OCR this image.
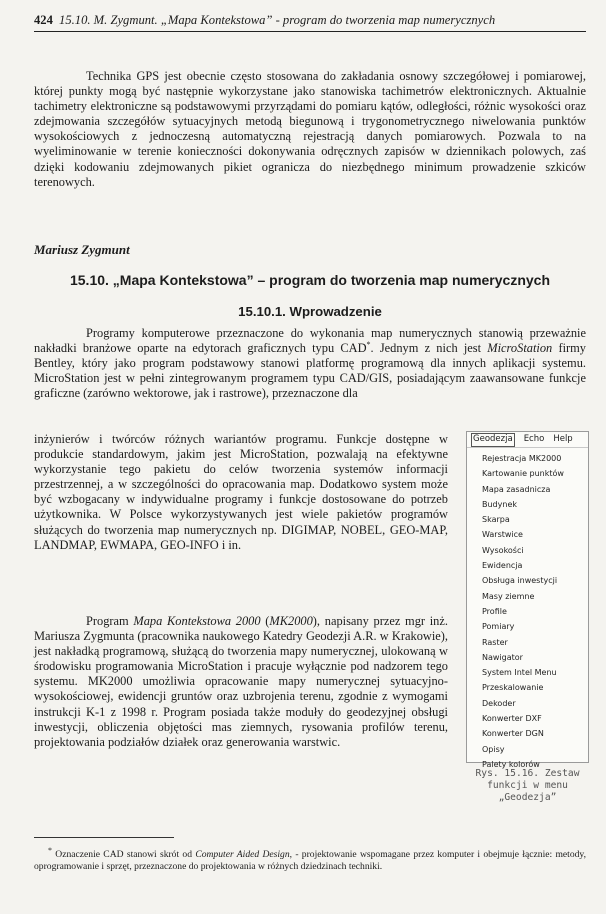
424 15.10. M. Zygmunt. „Mapa Kontekstowa” - program do tworzenia map numerycznych

Technika GPS jest obecnie często stosowana do zakładania osnowy szczegółowej i pomiarowej, której punkty mogą być następnie wykorzystane jako stanowiska tachimetrów elektronicznych. Aktualnie tachimetry elektroniczne są podstawowymi przyrządami do pomiaru kątów, odległości, różnic wysokości oraz zdejmowania szczegółów sytuacyjnych metodą biegunową i trygonometrycznego niwelowania punktów wysokościowych z jednoczesną automatyczną rejestracją danych pomiarowych. Pozwala to na wyeliminowanie w terenie konieczności dokonywania odręcznych zapisów w dziennikach polowych, zaś dzięki kodowaniu zdejmowanych pikiet ogranicza do niezbędnego minimum prowadzenie szkiców terenowych.

Mariusz Zygmunt

15.10. „Mapa Kontekstowa” – program do tworzenia map numerycznych
15.10.1. Wprowadzenie

Programy komputerowe przeznaczone do wykonania map numerycznych stanowią przeważnie nakładki branżowe oparte na edytorach graficznych typu CAD*. Jednym z nich jest MicroStation firmy Bentley, który jako program podstawowy stanowi platformę programową dla innych aplikacji systemu. MicroStation jest w pełni zintegrowanym programem typu CAD/GIS, posiadającym zaawansowane funkcje graficzne (zarówno wektorowe, jak i rastrowe), przeznaczone dla

inżynierów i twórców różnych wariantów programu. Funkcje dostępne w produkcie standardowym, jakim jest MicroStation, pozwalają na efektywne wykorzystanie tego pakietu do celów tworzenia systemów informacji przestrzennej, a w szczególności do opracowania map. Dodatkowo system może być wzbogacany w indywidualne programy i funkcje dostosowane do potrzeb użytkownika. W Polsce wykorzystywanych jest wiele pakietów programów służących do tworzenia map numerycznych np. DIGIMAP, NOBEL, GEO-MAP, LANDMAP, EWMAPA, GEO-INFO i in.

Program Mapa Kontekstowa 2000 (MK2000), napisany przez mgr inż. Mariusza Zygmunta (pracownika naukowego Katedry Geodezji A.R. w Krakowie), jest nakładką programową, służącą do tworzenia mapy numerycznej, ulokowaną w środowisku programowania MicroStation i pracuje wyłącznie pod nadzorem tego systemu. MK2000 umożliwia opracowanie mapy numerycznej sytuacyjno-wysokościowej, ewidencji gruntów oraz uzbrojenia terenu, zgodnie z wymogami instrukcji K-1 z 1998 r. Program posiada także moduły do geodezyjnej obsługi inwestycji, obliczenia objętości mas ziemnych, rysowania profilów terenu, projektowania podziałów działek oraz generowania warstwic.

Geodezja Echo Help
Rejestracja MK2000
Kartowanie punktów
Mapa zasadnicza
Budynek
Skarpa
Warstwice
Wysokości
Ewidencja
Obsługa inwestycji
Masy ziemne
Profile
Pomiary
Raster
Nawigator
System Intel Menu
Przeskalowanie
Dekoder
Konwerter DXF
Konwerter DGN
Opisy
Palety kolorów

Rys. 15.16. Zestaw
funkcji w menu
„Geodezja”

* Oznaczenie CAD stanowi skrót od Computer Aided Design, - projektowanie wspomagane przez komputer i obejmuje łącznie: metody, oprogramowanie i sprzęt, przeznaczone do projektowania w różnych dziedzinach techniki.
